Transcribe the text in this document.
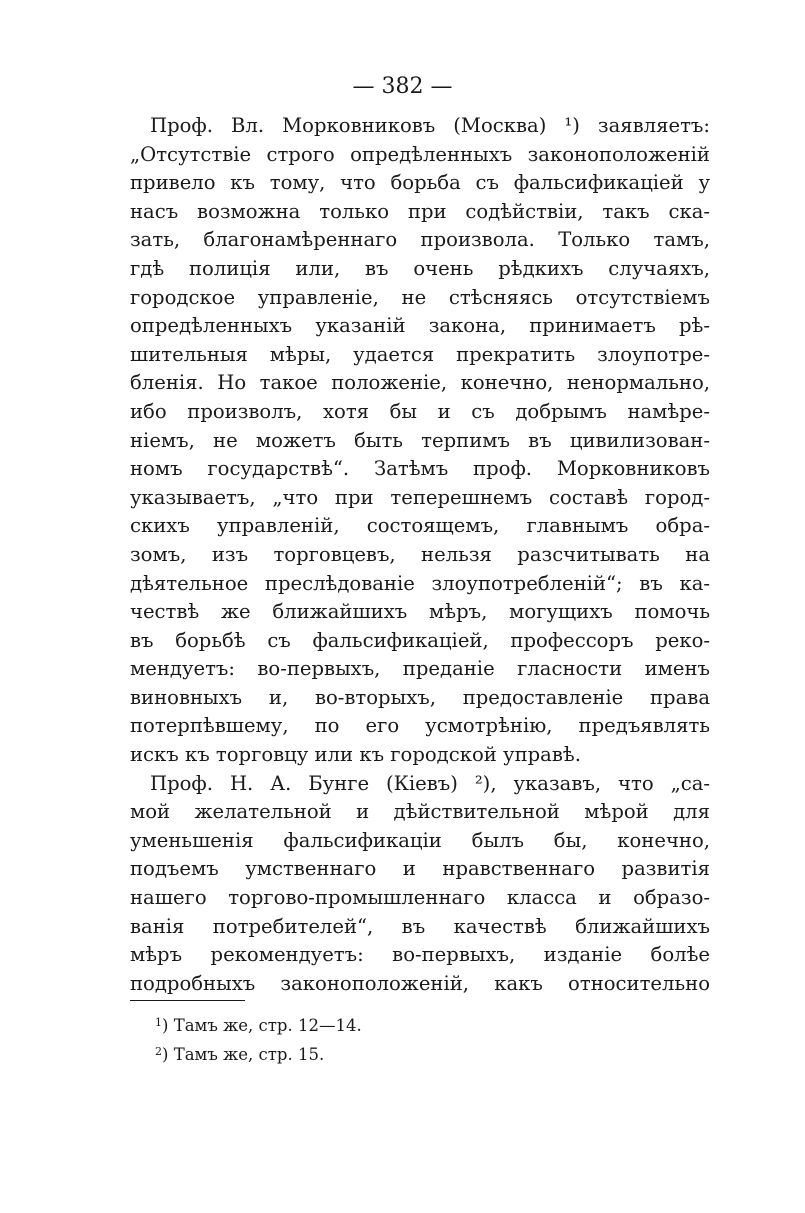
— 382 —
Проф. Вл. Морковниковъ (Москва) ¹) заявляетъ:
„Отсутствіе строго опредѣленныхъ законоположеній
привело къ тому, что борьба съ фальсификаціей у
насъ возможна только при содѣйствіи, такъ ска-
зать, благонамѣреннаго произвола. Только тамъ,
гдѣ полиція или, въ очень рѣдкихъ случаяхъ,
городское управленіе, не стѣсняясь отсутствіемъ
опредѣленныхъ указаній закона, принимаетъ рѣ-
шительныя мѣры, удается прекратить злоупотре-
бленія. Но такое положеніе, конечно, ненормально,
ибо произволъ, хотя бы и съ добрымъ намѣре-
ніемъ, не можетъ быть терпимъ въ цивилизован-
номъ государствѣ“. Затѣмъ проф. Морковниковъ
указываетъ, „что при теперешнемъ составѣ город-
скихъ управленій, состоящемъ, главнымъ обра-
зомъ, изъ торговцевъ, нельзя разсчитывать на
дѣятельное преслѣдованіе злоупотребленій“; въ ка-
чествѣ же ближайшихъ мѣръ, могущихъ помочь
въ борьбѣ съ фальсификаціей, профессоръ реко-
мендуетъ: во-первыхъ, преданіе гласности именъ
виновныхъ и, во-вторыхъ, предоставленіе права
потерпѣвшему, по его усмотрѣнію, предъявлять
искъ къ торговцу или къ городской управѣ.
Проф. Н. А. Бунге (Кіевъ) ²), указавъ, что „са-
мой желательной и дѣйствительной мѣрой для
уменьшенія фальсификаціи былъ бы, конечно,
подъемъ умственнаго и нравственнаго развитія
нашего торгово-промышленнаго класса и образо-
ванія потребителей“, въ качествѣ ближайшихъ
мѣръ рекомендуетъ: во-первыхъ, изданіе болѣе
подробныхъ законоположеній, какъ относительно
$^1$) Тамъ же, стр. 12—14.
$^2$) Тамъ же, стр. 15.
